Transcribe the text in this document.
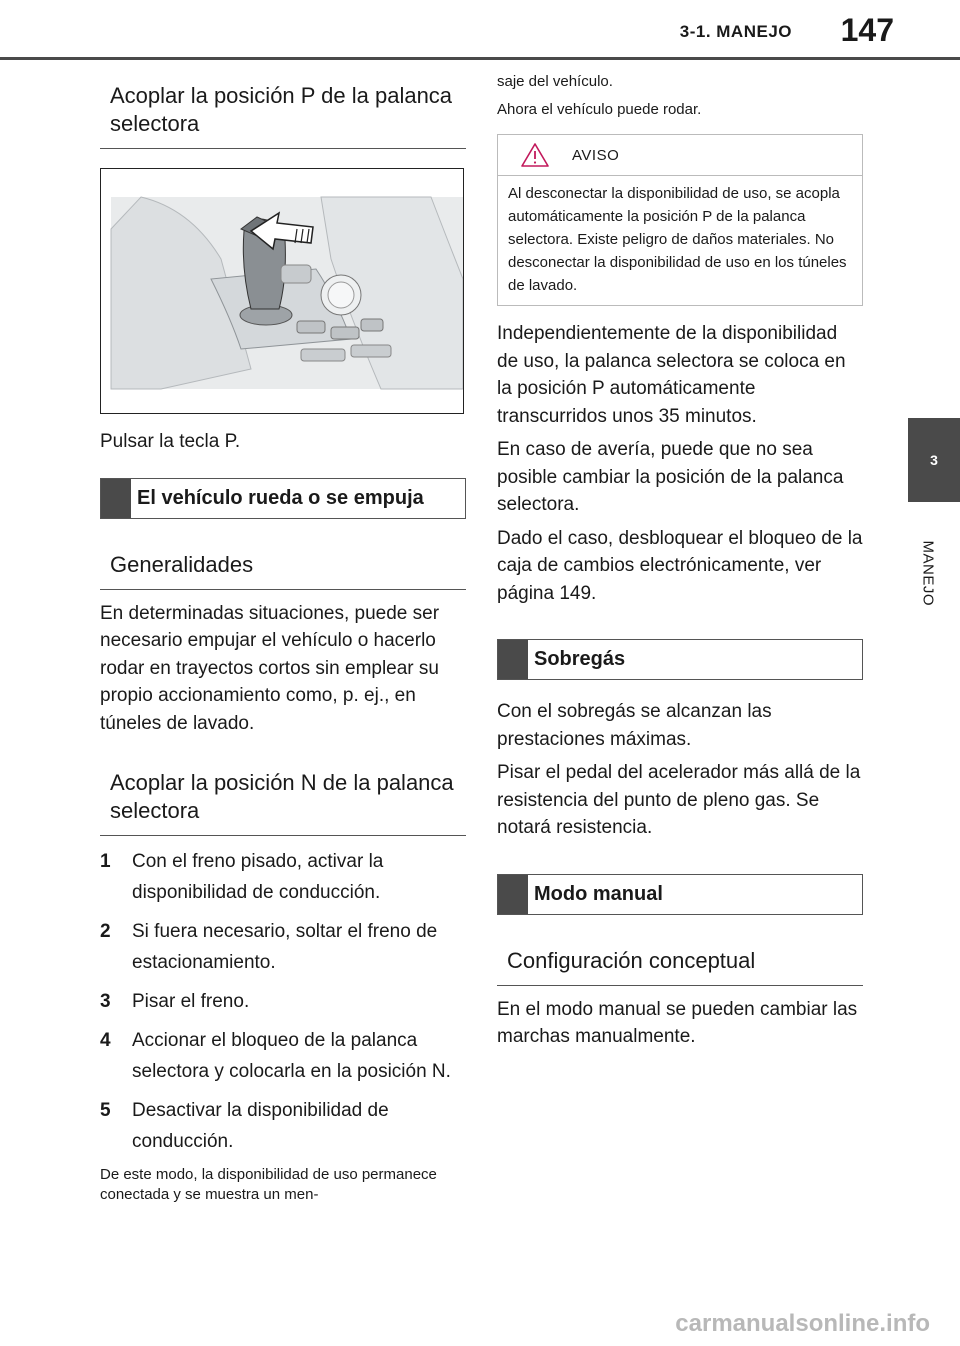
3-1. MANEJO 147
3
MANEJO
Acoplar la posición P de la palanca selectora

Pulsar la tecla P.

El vehículo rueda o se empuja
Generalidades

En determinadas situaciones, puede ser necesario empujar el vehículo o hacerlo rodar en trayectos cortos sin emplear su propio accionamiento como, p. ej., en túneles de lavado.

Acoplar la posición N de la palanca selectora
1	Con el freno pisado, activar la disponibilidad de conducción.
2	Si fuera necesario, soltar el freno de estacionamiento.
3	Pisar el freno.
4	Accionar el bloqueo de la palanca selectora y colocarla en la posición N.
5	Desactivar la disponibilidad de conducción.

De este modo, la disponibilidad de uso permanece conectada y se muestra un men-

saje del vehículo.

Ahora el vehículo puede rodar.

AVISO
Al desconectar la disponibilidad de uso, se acopla automáticamente la posición P de la palanca selectora. Existe peligro de daños materiales. No desconectar la disponibilidad de uso en los túneles de lavado.

Independientemente de la disponibilidad de uso, la palanca selectora se coloca en la posición P automáticamente transcurridos unos 35 minutos.

En caso de avería, puede que no sea posible cambiar la posición de la palanca selectora.

Dado el caso, desbloquear el bloqueo de la caja de cambios electrónicamente, ver página 149.

Sobregás

Con el sobregás se alcanzan las prestaciones máximas.

Pisar el pedal del acelerador más allá de la resistencia del punto de pleno gas. Se notará resistencia.

Modo manual
Configuración conceptual

En el modo manual se pueden cambiar las marchas manualmente.

carmanualsonline.info
